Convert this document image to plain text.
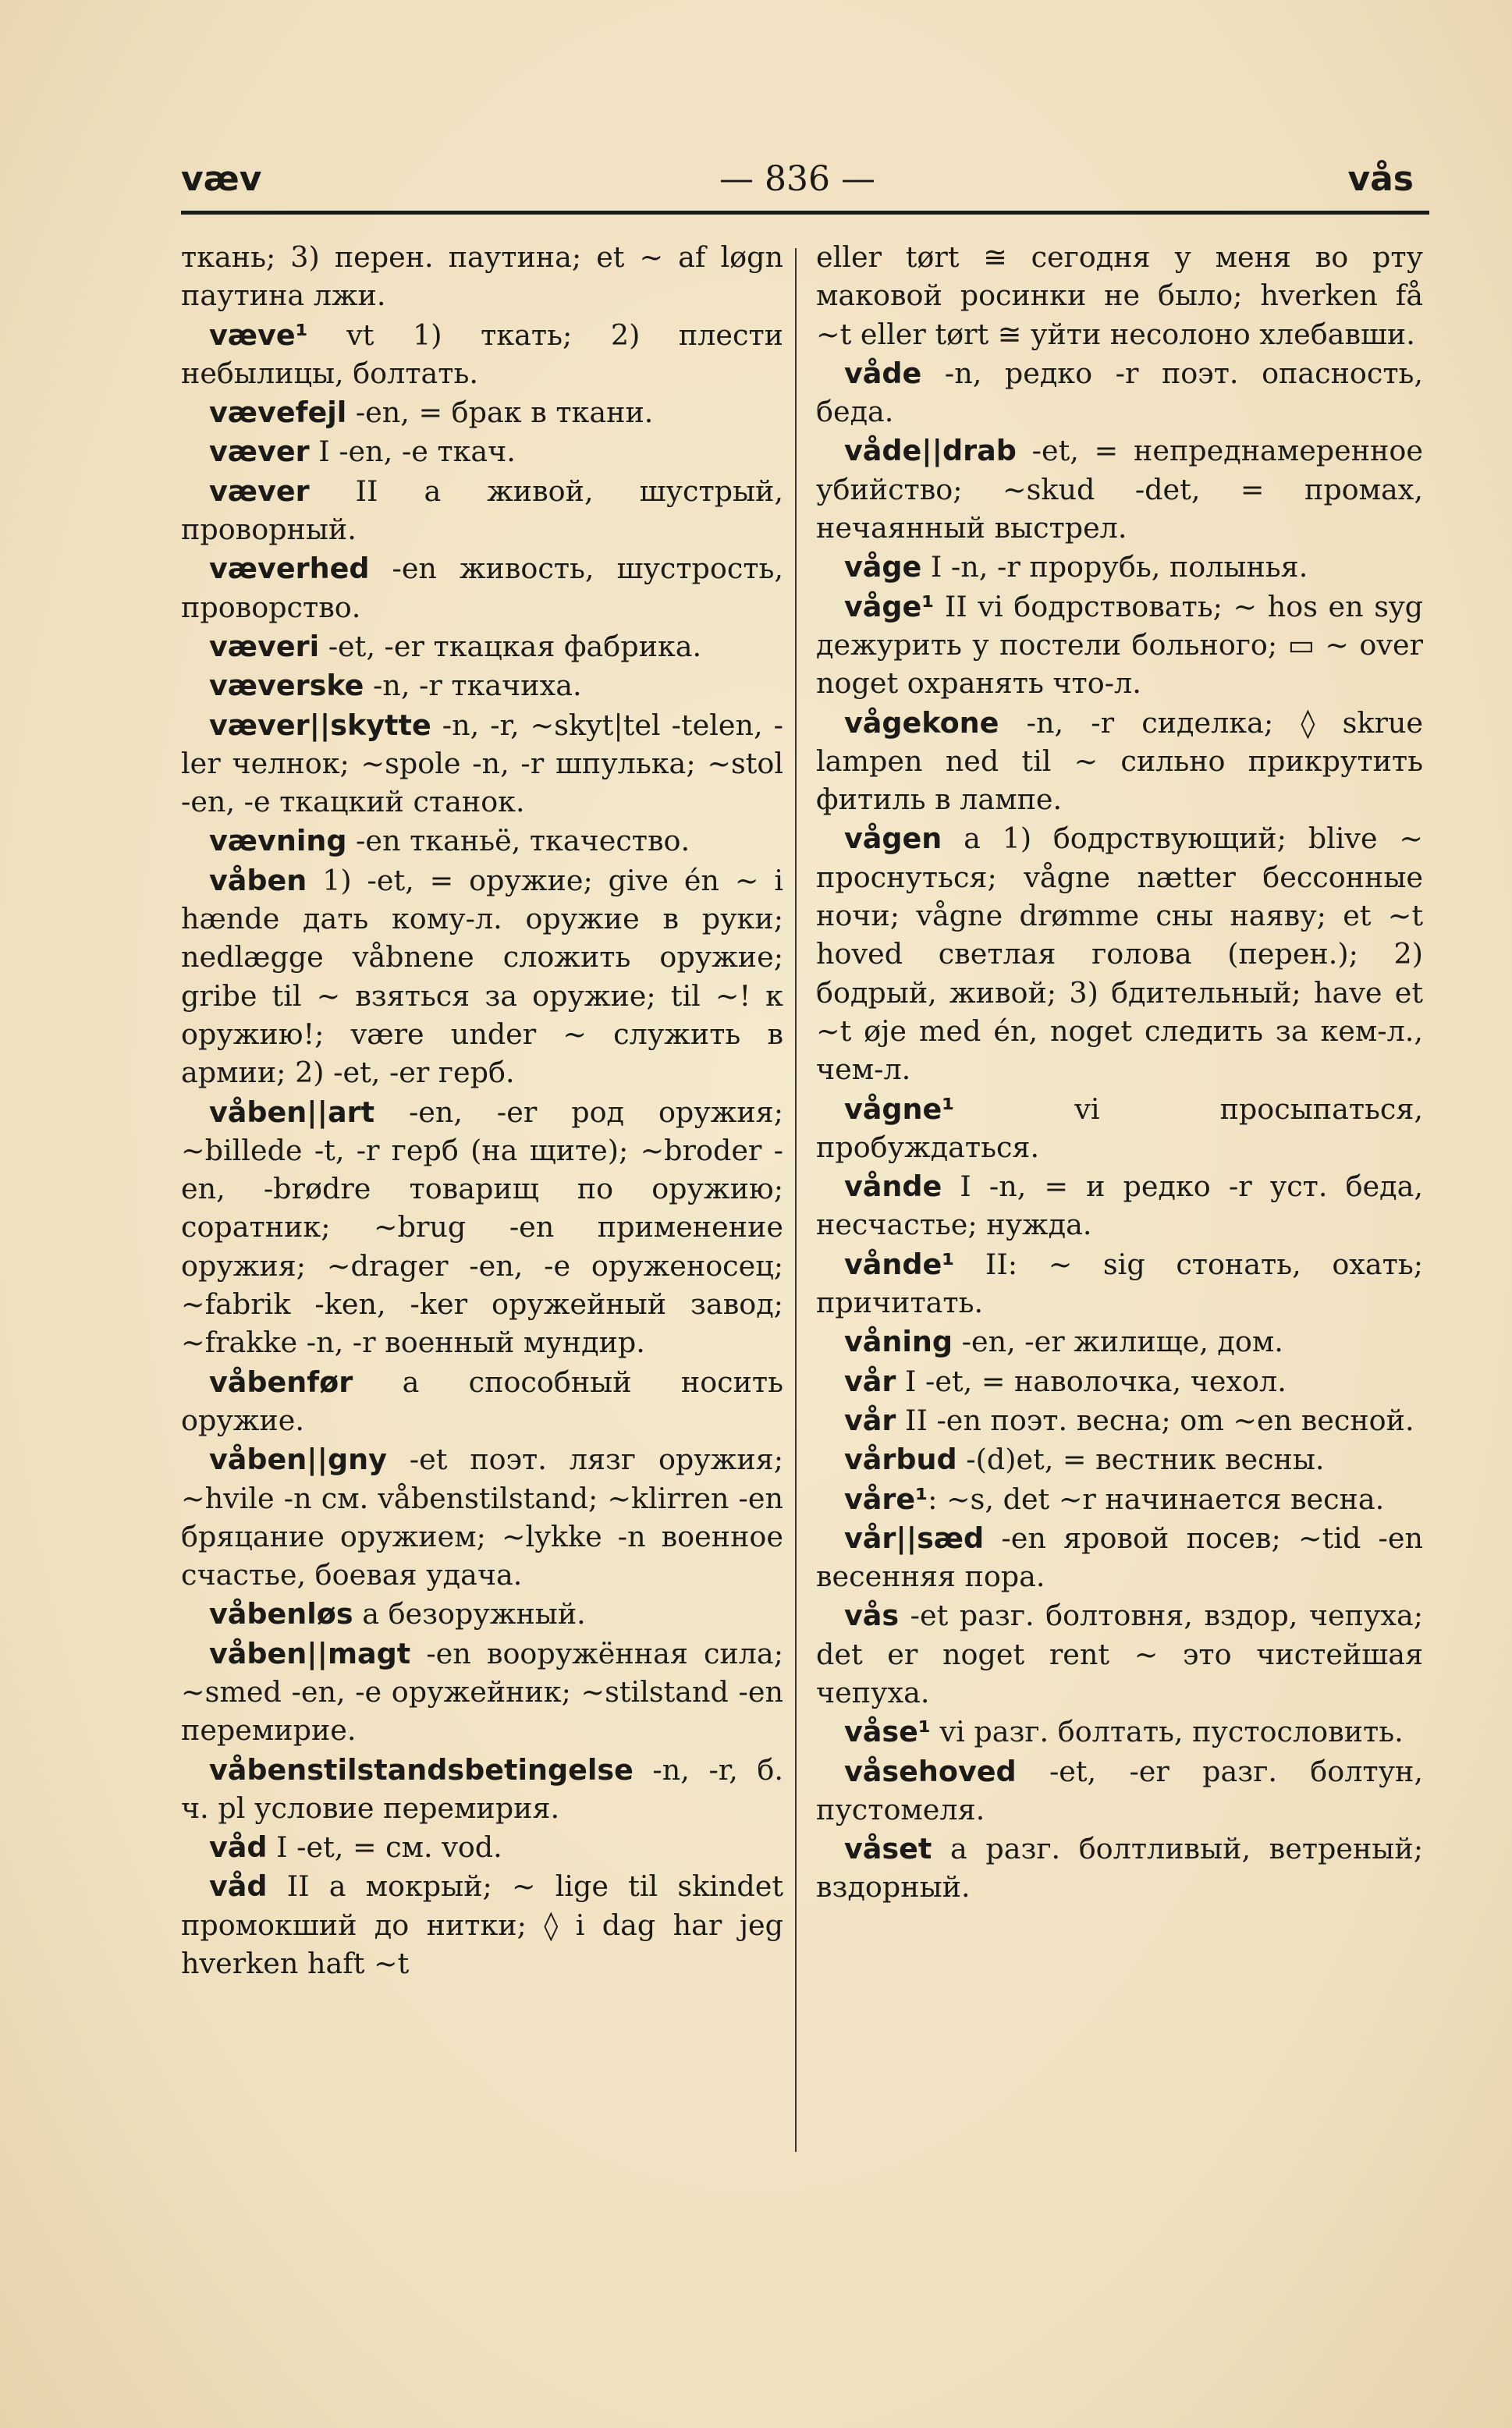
— 836 —
væv	vås
ткань; 3) перен. паутина; et ~ af løgn паутина лжи.
væve¹ vt 1) ткать; 2) плести небылицы, болтать.
vævefejl -en, = брак в ткани.
væver I -en, -e ткач.
væver II a живой, шустрый, проворный.
væverhed -en живость, шустрость, проворство.
væveri -et, -er ткацкая фабрика.
væverske -n, -r ткачиха.
væver||skytte -n, -r, ~skyt|tel -telen, -ler челнок; ~spole -n, -r шпулька; ~stol -en, -e ткацкий станок.
vævning -en тканьё, ткачество.
våben 1) -et, = оружие; give én ~ i hænde дать кому-л. оружие в руки; nedlægge våbnene сложить оружие; gribe til ~ взяться за оружие; til ~! к оружию!; være under ~ служить в армии; 2) -et, -er герб.
våben||art -en, -er род оружия; ~billede -t, -r герб (на щите); ~broder -en, -brødre товарищ по оружию; соратник; ~brug -en применение оружия; ~drager -en, -e оруженосец; ~fabrik -ken, -ker оружейный завод; ~frakke -n, -r военный мундир.
våbenfør a способный носить оружие.
våben||gny -et поэт. лязг оружия; ~hvile -n см. våbenstilstand; ~klirren -en бряцание оружием; ~lykke -n военное счастье, боевая удача.
våbenløs a безоружный.
våben||magt -en вооружённая сила; ~smed -en, -e оружейник; ~stilstand -en перемирие.
våbenstilstandsbetingelse -n, -r, б. ч. pl условие перемирия.
våd I -et, = см. vod.
våd II a мокрый; ~ lige til skindet промокший до нитки; ◊ i dag har jeg hverken haft ~t
eller tørt ≅ сегодня у меня во рту маковой росинки не было; hverken få ~t eller tørt ≅ уйти несолоно хлебавши.
våde -n, редко -r поэт. опасность, беда.
våde||drab -et, = непреднамеренное убийство; ~skud -det, = промах, нечаянный выстрел.
våge I -n, -r прорубь, полынья.
våge¹ II vi бодрствовать; ~ hos en syg дежурить у постели больного; ▭ ~ over noget охранять что-л.
vågekone -n, -r сиделка; ◊ skrue lampen ned til ~ сильно прикрутить фитиль в лампе.
vågen a 1) бодрствующий; blive ~ проснуться; vågne nætter бессонные ночи; vågne drømme сны наяву; et ~t hoved светлая голова (перен.); 2) бодрый, живой; 3) бдительный; have et ~t øje med én, noget следить за кем-л., чем-л.
vågne¹ vi просыпаться, пробуждаться.
vånde I -n, = и редко -r уст. беда, несчастье; нужда.
vånde¹ II: ~ sig стонать, охать; причитать.
våning -en, -er жилище, дом.
vår I -et, = наволочка, чехол.
vår II -en поэт. весна; om ~en весной.
vårbud -(d)et, = вестник весны.
våre¹: ~s, det ~r начинается весна.
vår||sæd -en яровой посев; ~tid -en весенняя пора.
vås -et разг. болтовня, вздор, чепуха; det er noget rent ~ это чистейшая чепуха.
våse¹ vi разг. болтать, пустословить.
våsehoved -et, -er разг. болтун, пустомеля.
våset a разг. болтливый, ветреный; вздорный.
